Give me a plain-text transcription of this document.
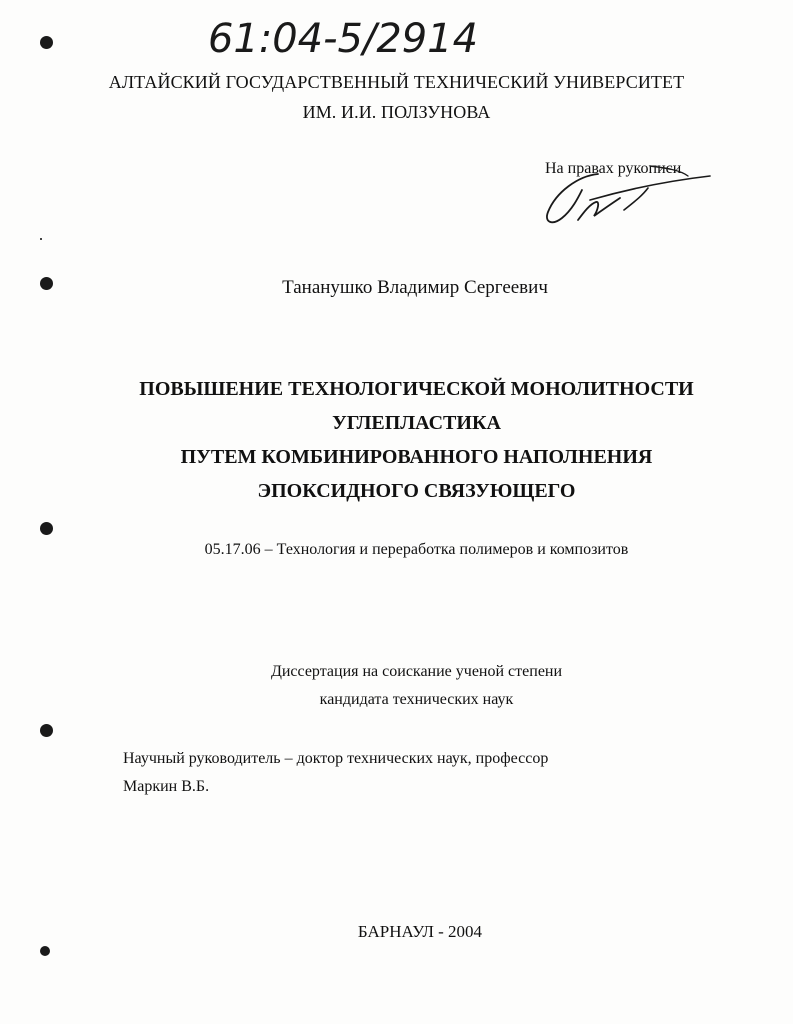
61:04-5/2914
АЛТАЙСКИЙ ГОСУДАРСТВЕННЫЙ ТЕХНИЧЕСКИЙ УНИВЕРСИТЕТ
ИМ. И.И. ПОЛЗУНОВА
На правах рукописи
Тананушко Владимир Сергеевич
ПОВЫШЕНИЕ ТЕХНОЛОГИЧЕСКОЙ МОНОЛИТНОСТИ
УГЛЕПЛАСТИКА
ПУТЕМ КОМБИНИРОВАННОГО НАПОЛНЕНИЯ
ЭПОКСИДНОГО СВЯЗУЮЩЕГО
05.17.06 – Технология и переработка полимеров и композитов
Диссертация на соискание ученой степени
кандидата технических наук
Научный руководитель – доктор технических наук, профессор
Маркин В.Б.
БАРНАУЛ - 2004
